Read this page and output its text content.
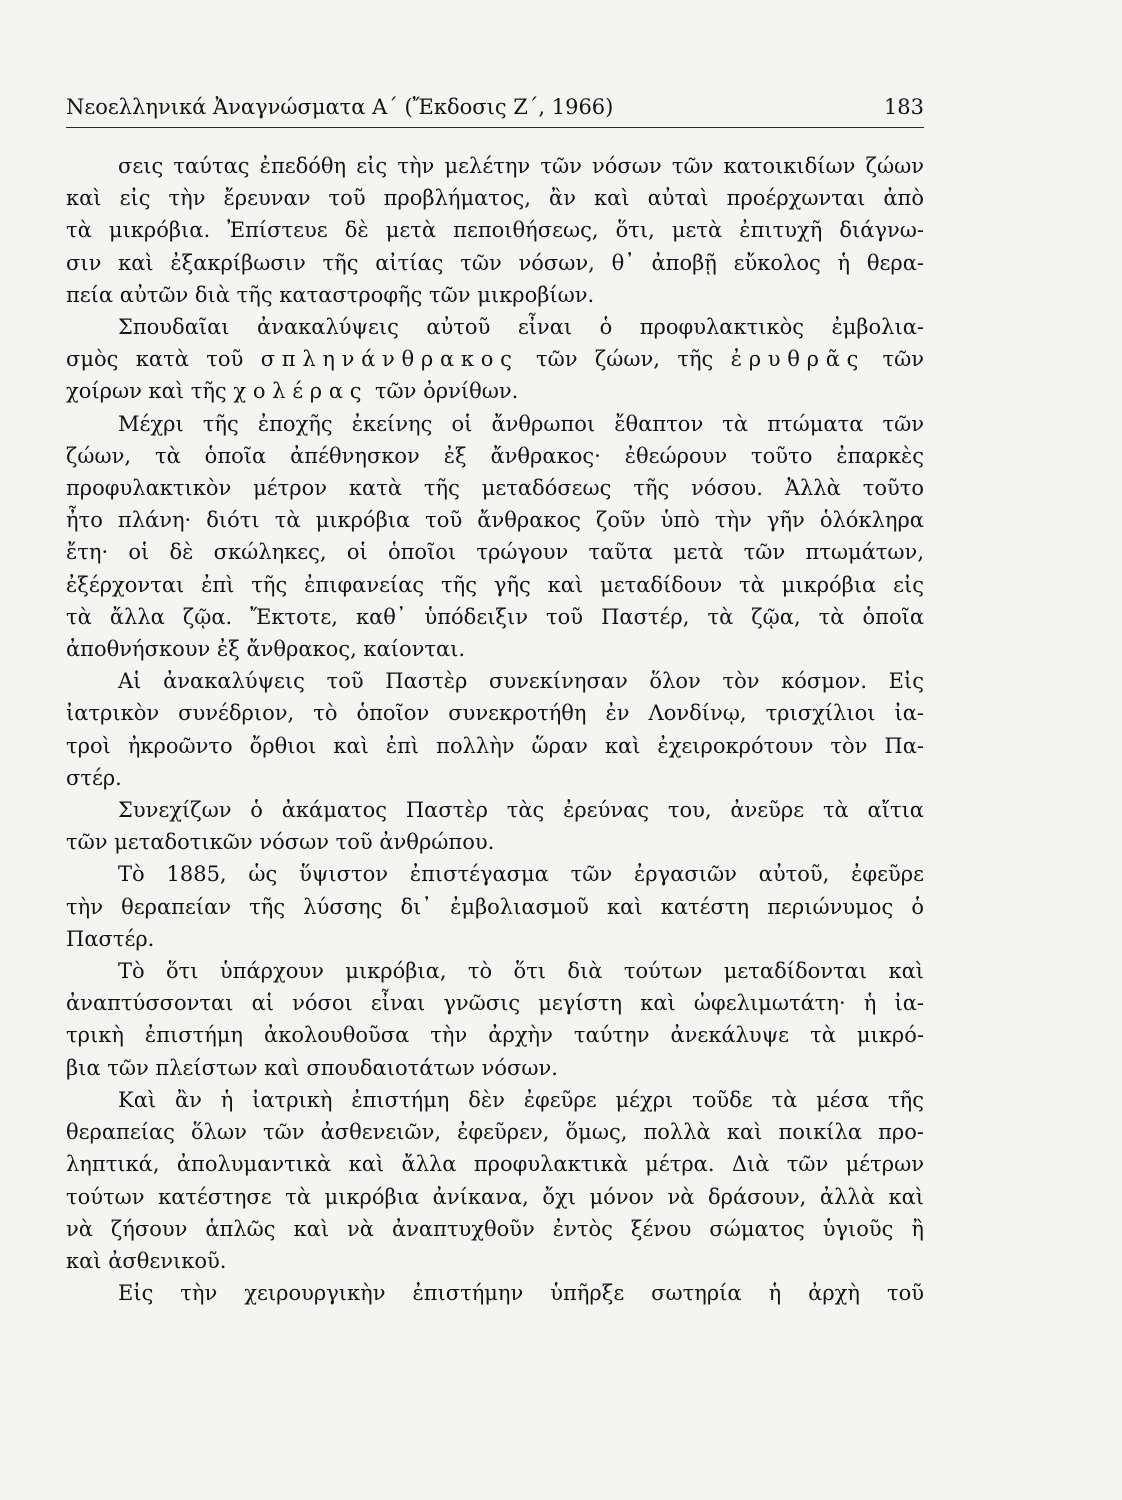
Νεοελληνικά Ἀναγνώσματα Α΄ (Ἔκδοσις Ζ΄, 1966)	183
σεις ταύτας ἐπεδόθη εἰς τὴν μελέτην τῶν νόσων τῶν κατοικιδίων ζώων
καὶ εἰς τὴν ἔρευναν τοῦ προβλήματος, ἂν καὶ αὐταὶ προέρχωνται ἀπὸ
τὰ μικρόβια. Ἐπίστευε δὲ μετὰ πεποιθήσεως, ὅτι, μετὰ ἐπιτυχῆ διάγνω-
σιν καὶ ἐξακρίβωσιν τῆς αἰτίας τῶν νόσων, θ᾽ ἀποβῇ εὔκολος ἡ θερα-
πεία αὐτῶν διὰ τῆς καταστροφῆς τῶν μικροβίων.
Σπουδαῖαι ἀνακαλύψεις αὐτοῦ εἶναι ὁ προφυλακτικὸς ἐμβολια-
σμὸς κατὰ τοῦ σπληνάνθρακος τῶν ζώων, τῆς ἐρυθρᾶς τῶν
χοίρων καὶ τῆς χολέρας τῶν ὀρνίθων.
Μέχρι τῆς ἐποχῆς ἐκείνης οἱ ἄνθρωποι ἔθαπτον τὰ πτώματα τῶν
ζώων, τὰ ὁποῖα ἀπέθνησκον ἐξ ἄνθρακος· ἐθεώρουν τοῦτο ἐπαρκὲς
προφυλακτικὸν μέτρον κατὰ τῆς μεταδόσεως τῆς νόσου. Ἀλλὰ τοῦτο
ἦτο πλάνη· διότι τὰ μικρόβια τοῦ ἄνθρακος ζοῦν ὑπὸ τὴν γῆν ὁλόκληρα
ἔτη· οἱ δὲ σκώληκες, οἱ ὁποῖοι τρώγουν ταῦτα μετὰ τῶν πτωμάτων,
ἐξέρχονται ἐπὶ τῆς ἐπιφανείας τῆς γῆς καὶ μεταδίδουν τὰ μικρόβια εἰς
τὰ ἄλλα ζῷα. Ἔκτοτε, καθ᾽ ὑπόδειξιν τοῦ Παστέρ, τὰ ζῷα, τὰ ὁποῖα
ἀποθνήσκουν ἐξ ἄνθρακος, καίονται.
Αἱ ἀνακαλύψεις τοῦ Παστὲρ συνεκίνησαν ὅλον τὸν κόσμον. Εἰς
ἰατρικὸν συνέδριον, τὸ ὁποῖον συνεκροτήθη ἐν Λονδίνῳ, τρισχίλιοι ἰα-
τροὶ ἠκροῶντο ὄρθιοι καὶ ἐπὶ πολλὴν ὥραν καὶ ἐχειροκρότουν τὸν Πα-
στέρ.
Συνεχίζων ὁ ἀκάματος Παστὲρ τὰς ἐρεύνας του, ἀνεῦρε τὰ αἴτια
τῶν μεταδοτικῶν νόσων τοῦ ἀνθρώπου.
Τὸ 1885, ὡς ὕψιστον ἐπιστέγασμα τῶν ἐργασιῶν αὐτοῦ, ἐφεῦρε
τὴν θεραπείαν τῆς λύσσης δι᾽ ἐμβολιασμοῦ καὶ κατέστη περιώνυμος ὁ
Παστέρ.
Τὸ ὅτι ὑπάρχουν μικρόβια, τὸ ὅτι διὰ τούτων μεταδίδονται καὶ
ἀναπτύσσονται αἱ νόσοι εἶναι γνῶσις μεγίστη καὶ ὠφελιμωτάτη· ἡ ἰα-
τρικὴ ἐπιστήμη ἀκολουθοῦσα τὴν ἀρχὴν ταύτην ἀνεκάλυψε τὰ μικρό-
βια τῶν πλείστων καὶ σπουδαιοτάτων νόσων.
Καὶ ἂν ἡ ἰατρικὴ ἐπιστήμη δὲν ἐφεῦρε μέχρι τοῦδε τὰ μέσα τῆς
θεραπείας ὅλων τῶν ἀσθενειῶν, ἐφεῦρεν, ὅμως, πολλὰ καὶ ποικίλα προ-
ληπτικά, ἀπολυμαντικὰ καὶ ἄλλα προφυλακτικὰ μέτρα. Διὰ τῶν μέτρων
τούτων κατέστησε τὰ μικρόβια ἀνίκανα, ὄχι μόνον νὰ δράσουν, ἀλλὰ καὶ
νὰ ζήσουν ἁπλῶς καὶ νὰ ἀναπτυχθοῦν ἐντὸς ξένου σώματος ὑγιοῦς ἢ
καὶ ἀσθενικοῦ.
Εἰς τὴν χειρουργικὴν ἐπιστήμην ὑπῆρξε σωτηρία ἡ ἀρχὴ τοῦ
